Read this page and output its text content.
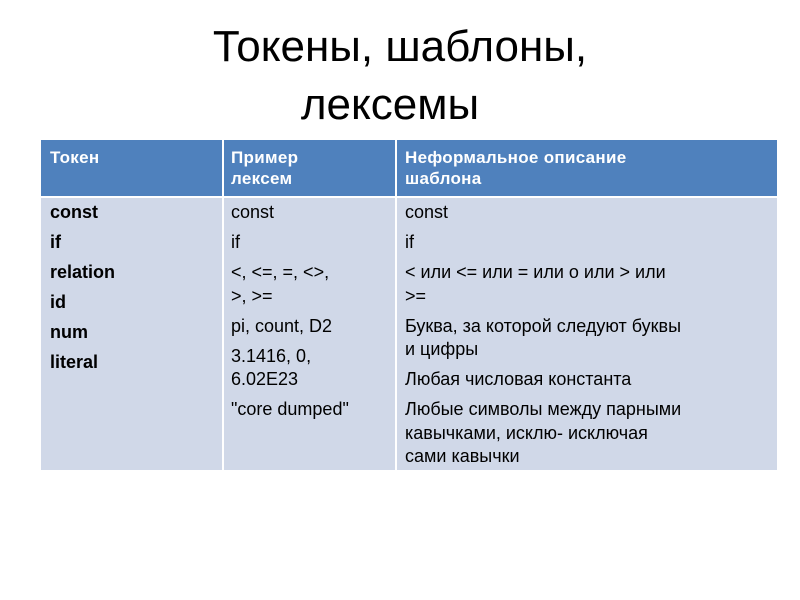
Токены, шаблоны,
лексемы
Токен	Пример
лексем
Неформальное описание
шаблона
const
if
relation
id
num
literal
const
if
<, <=, =, <>,
>, >=
pi, count, D2
3.1416, 0,
6.02E23
"core dumped"
const
if
< или <= или = или о или > или
>=
Буква, за которой следуют буквы
и цифры
Любая числовая константа
Любые символы между парными
кавычками, исклю- исключая
сами кавычки
